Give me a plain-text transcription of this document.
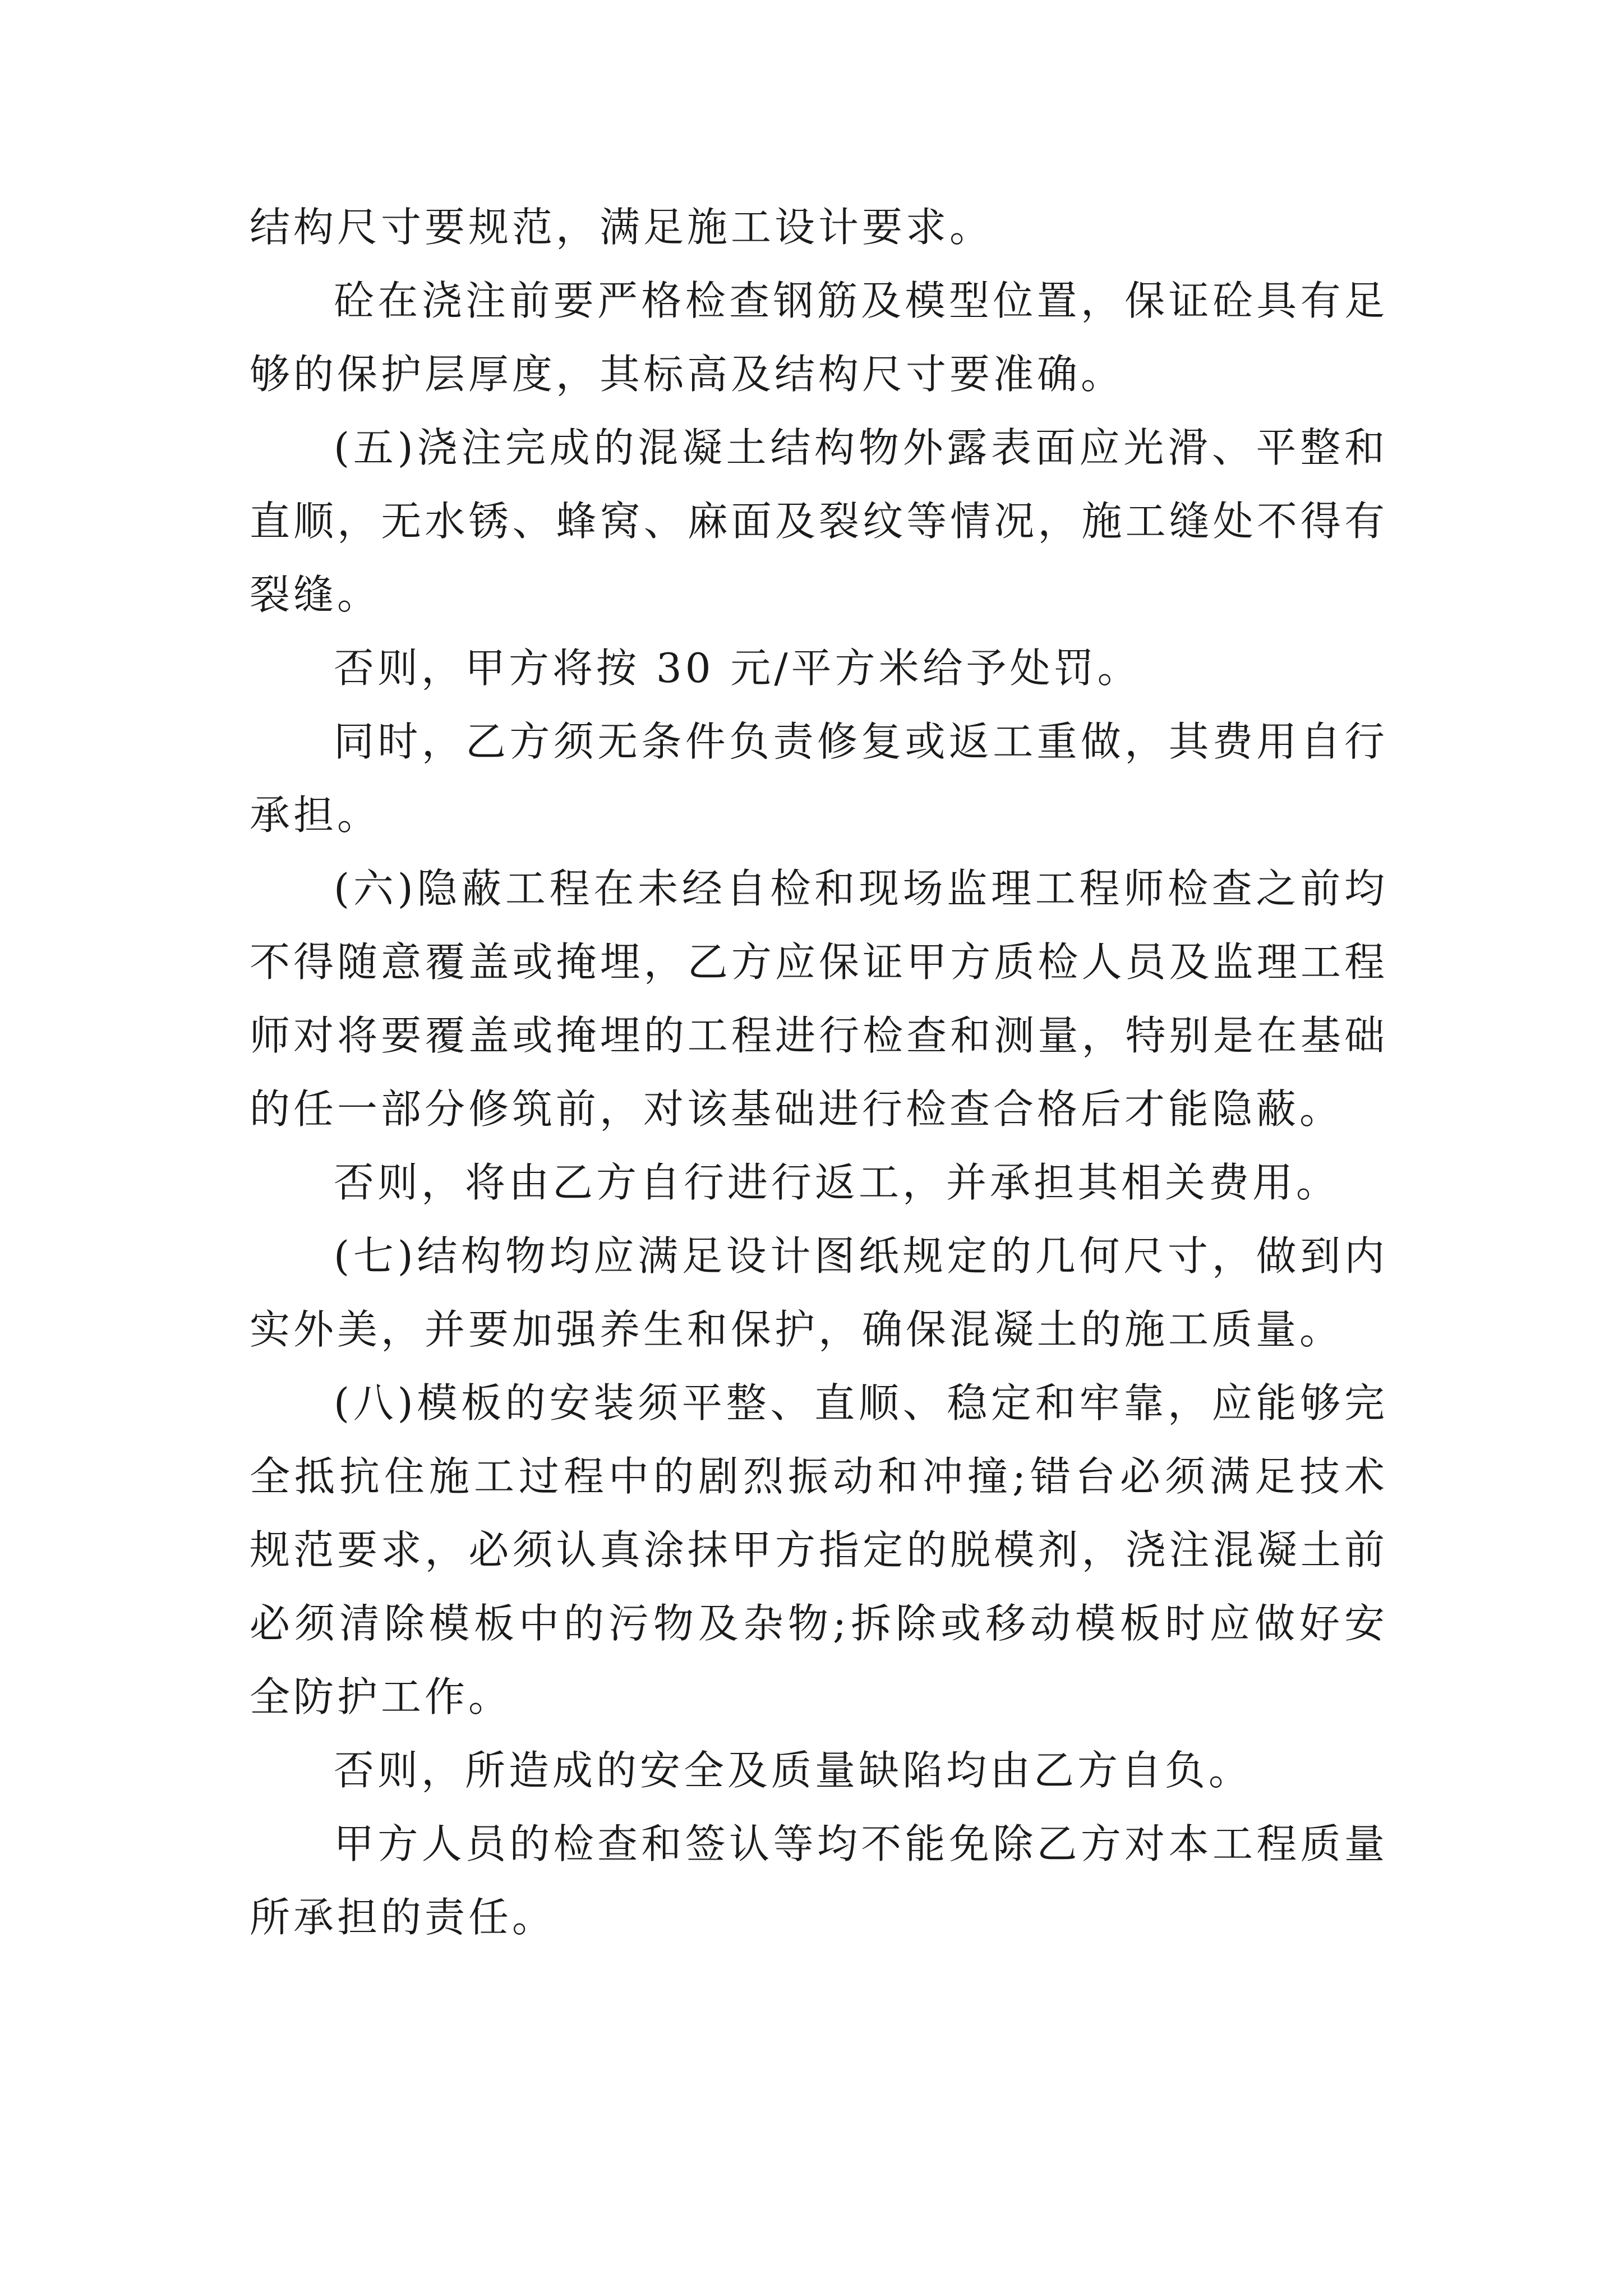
结构尺寸要规范，满足施工设计要求。

砼在浇注前要严格检查钢筋及模型位置，保证砼具有足够的保护层厚度，其标高及结构尺寸要准确。

(五)浇注完成的混凝土结构物外露表面应光滑、平整和直顺，无水锈、蜂窝、麻面及裂纹等情况，施工缝处不得有裂缝。

否则，甲方将按 30 元/平方米给予处罚。

同时，乙方须无条件负责修复或返工重做，其费用自行承担。

(六)隐蔽工程在未经自检和现场监理工程师检查之前均不得随意覆盖或掩埋，乙方应保证甲方质检人员及监理工程师对将要覆盖或掩埋的工程进行检查和测量，特别是在基础的任一部分修筑前，对该基础进行检查合格后才能隐蔽。

否则，将由乙方自行进行返工，并承担其相关费用。

(七)结构物均应满足设计图纸规定的几何尺寸，做到内实外美，并要加强养生和保护，确保混凝土的施工质量。

(八)模板的安装须平整、直顺、稳定和牢靠，应能够完全抵抗住施工过程中的剧烈振动和冲撞;错台必须满足技术规范要求，必须认真涂抹甲方指定的脱模剂，浇注混凝土前必须清除模板中的污物及杂物;拆除或移动模板时应做好安全防护工作。

否则，所造成的安全及质量缺陷均由乙方自负。

甲方人员的检查和签认等均不能免除乙方对本工程质量所承担的责任。
